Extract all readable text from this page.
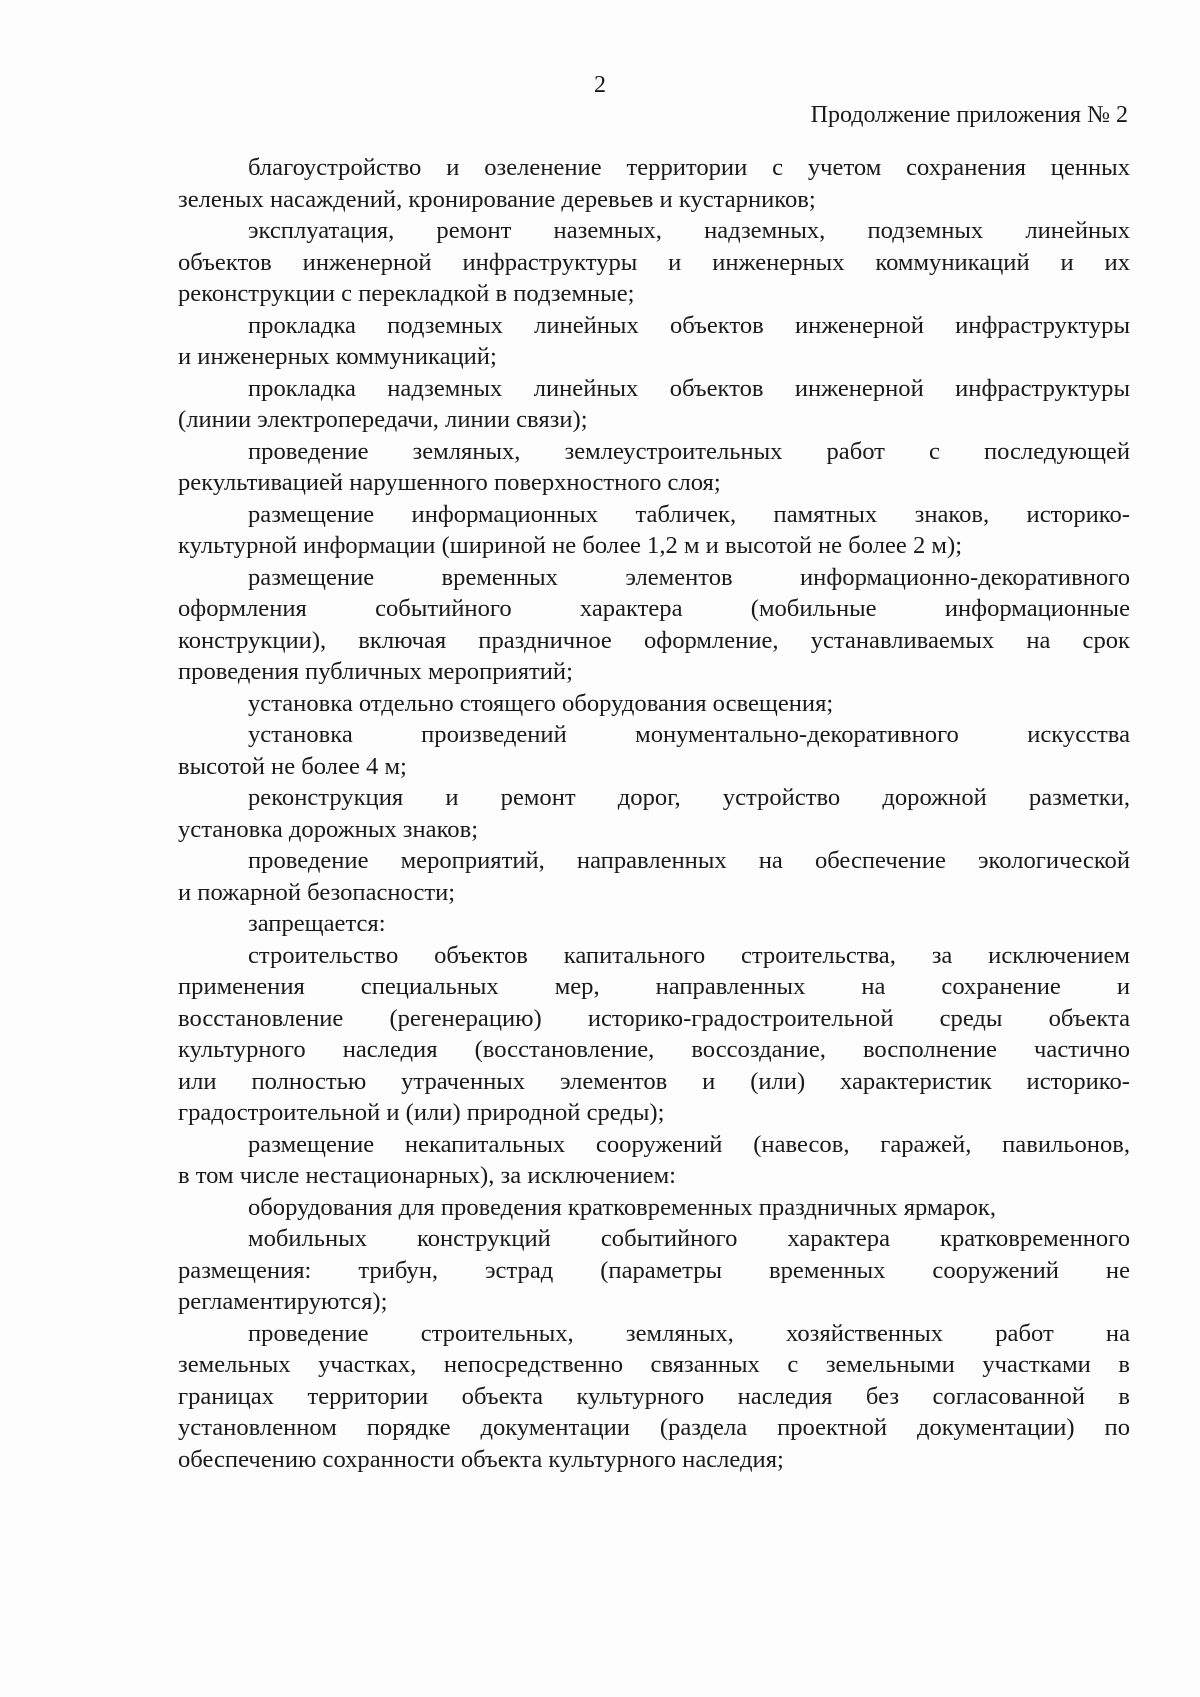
2
Продолжение приложения № 2

благоустройство и озеленение территории с учетом сохранения ценных
зеленых насаждений, кронирование деревьев и кустарников;

эксплуатация, ремонт наземных, надземных, подземных линейных
объектов инженерной инфраструктуры и инженерных коммуникаций и их
реконструкции с перекладкой в подземные;

прокладка подземных линейных объектов инженерной инфраструктуры
и инженерных коммуникаций;

прокладка надземных линейных объектов инженерной инфраструктуры
(линии электропередачи, линии связи);

проведение земляных, землеустроительных работ с последующей
рекультивацией нарушенного поверхностного слоя;

размещение информационных табличек, памятных знаков, историко-
культурной информации (шириной не более 1,2 м и высотой не более 2 м);

размещение временных элементов информационно-декоративного
оформления событийного характера (мобильные информационные
конструкции), включая праздничное оформление, устанавливаемых на срок
проведения публичных мероприятий;

установка отдельно стоящего оборудования освещения;

установка произведений монументально-декоративного искусства
высотой не более 4 м;

реконструкция и ремонт дорог, устройство дорожной разметки,
установка дорожных знаков;

проведение мероприятий, направленных на обеспечение экологической
и пожарной безопасности;

запрещается:

строительство объектов капитального строительства, за исключением
применения специальных мер, направленных на сохранение и
восстановление (регенерацию) историко-градостроительной среды объекта
культурного наследия (восстановление, воссоздание, восполнение частично
или полностью утраченных элементов и (или) характеристик историко-
градостроительной и (или) природной среды);

размещение некапитальных сооружений (навесов, гаражей, павильонов,
в том числе нестационарных), за исключением:

оборудования для проведения кратковременных праздничных ярмарок,

мобильных конструкций событийного характера кратковременного
размещения: трибун, эстрад (параметры временных сооружений не
регламентируются);

проведение строительных, земляных, хозяйственных работ на
земельных участках, непосредственно связанных с земельными участками в
границах территории объекта культурного наследия без согласованной в
установленном порядке документации (раздела проектной документации) по
обеспечению сохранности объекта культурного наследия;
